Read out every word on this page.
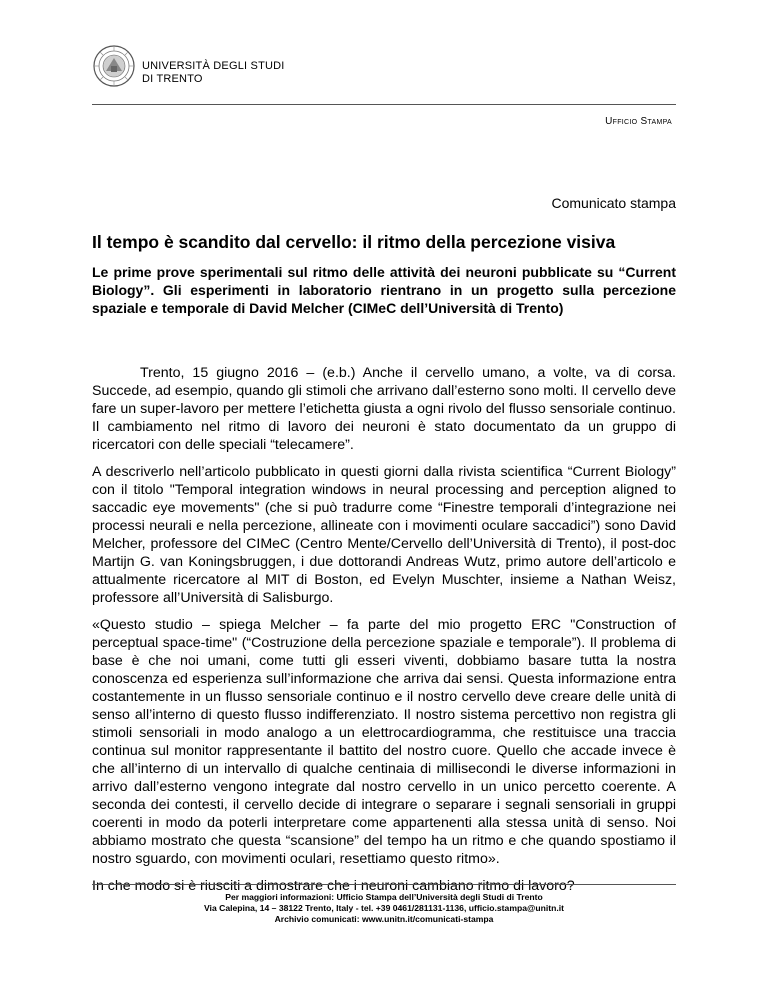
UNIVERSITÀ DEGLI STUDI
DI TRENTO
Ufficio Stampa
Comunicato stampa
Il tempo è scandito dal cervello: il ritmo della percezione visiva

Le prime prove sperimentali sul ritmo delle attività dei neuroni pubblicate su “Current Biology”. Gli esperimenti in laboratorio rientrano in un progetto sulla percezione spaziale e temporale di David Melcher (CIMeC dell’Università di Trento)

Trento, 15 giugno 2016 – (e.b.) Anche il cervello umano, a volte, va di corsa. Succede, ad esempio, quando gli stimoli che arrivano dall’esterno sono molti. Il cervello deve fare un super-lavoro per mettere l’etichetta giusta a ogni rivolo del flusso sensoriale continuo. Il cambiamento nel ritmo di lavoro dei neuroni è stato documentato da un gruppo di ricercatori con delle speciali “telecamere”.

A descriverlo nell’articolo pubblicato in questi giorni dalla rivista scientifica “Current Biology” con il titolo "Temporal integration windows in neural processing and perception aligned to saccadic eye movements" (che si può tradurre come “Finestre temporali d’integrazione nei processi neurali e nella percezione, allineate con i movimenti oculare saccadici”) sono David Melcher, professore del CIMeC (Centro Mente/Cervello dell’Università di Trento), il post-doc Martijn G. van Koningsbruggen, i due dottorandi Andreas Wutz, primo autore dell’articolo e attualmente ricercatore al MIT di Boston, ed Evelyn Muschter, insieme a Nathan Weisz, professore all’Università di Salisburgo.

«Questo studio – spiega Melcher – fa parte del mio progetto ERC "Construction of perceptual space-time" (“Costruzione della percezione spaziale e temporale”). Il problema di base è che noi umani, come tutti gli esseri viventi, dobbiamo basare tutta la nostra conoscenza ed esperienza sull’informazione che arriva dai sensi. Questa informazione entra costantemente in un flusso sensoriale continuo e il nostro cervello deve creare delle unità di senso all’interno di questo flusso indifferenziato. Il nostro sistema percettivo non registra gli stimoli sensoriali in modo analogo a un elettrocardiogramma, che restituisce una traccia continua sul monitor rappresentante il battito del nostro cuore. Quello che accade invece è che all’interno di un intervallo di qualche centinaia di millisecondi le diverse informazioni in arrivo dall’esterno vengono integrate dal nostro cervello in un unico percetto coerente. A seconda dei contesti, il cervello decide di integrare o separare i segnali sensoriali in gruppi coerenti in modo da poterli interpretare come appartenenti alla stessa unità di senso. Noi abbiamo mostrato che questa “scansione” del tempo ha un ritmo e che quando spostiamo il nostro sguardo, con movimenti oculari, resettiamo questo ritmo».

In che modo si è riusciti a dimostrare che i neuroni cambiano ritmo di lavoro?

Per maggiori informazioni: Ufficio Stampa dell’Università degli Studi di Trento
Via Calepina, 14 – 38122 Trento, Italy - tel. +39 0461/281131-1136, ufficio.stampa@unitn.it
Archivio comunicati: www.unitn.it/comunicati-stampa
